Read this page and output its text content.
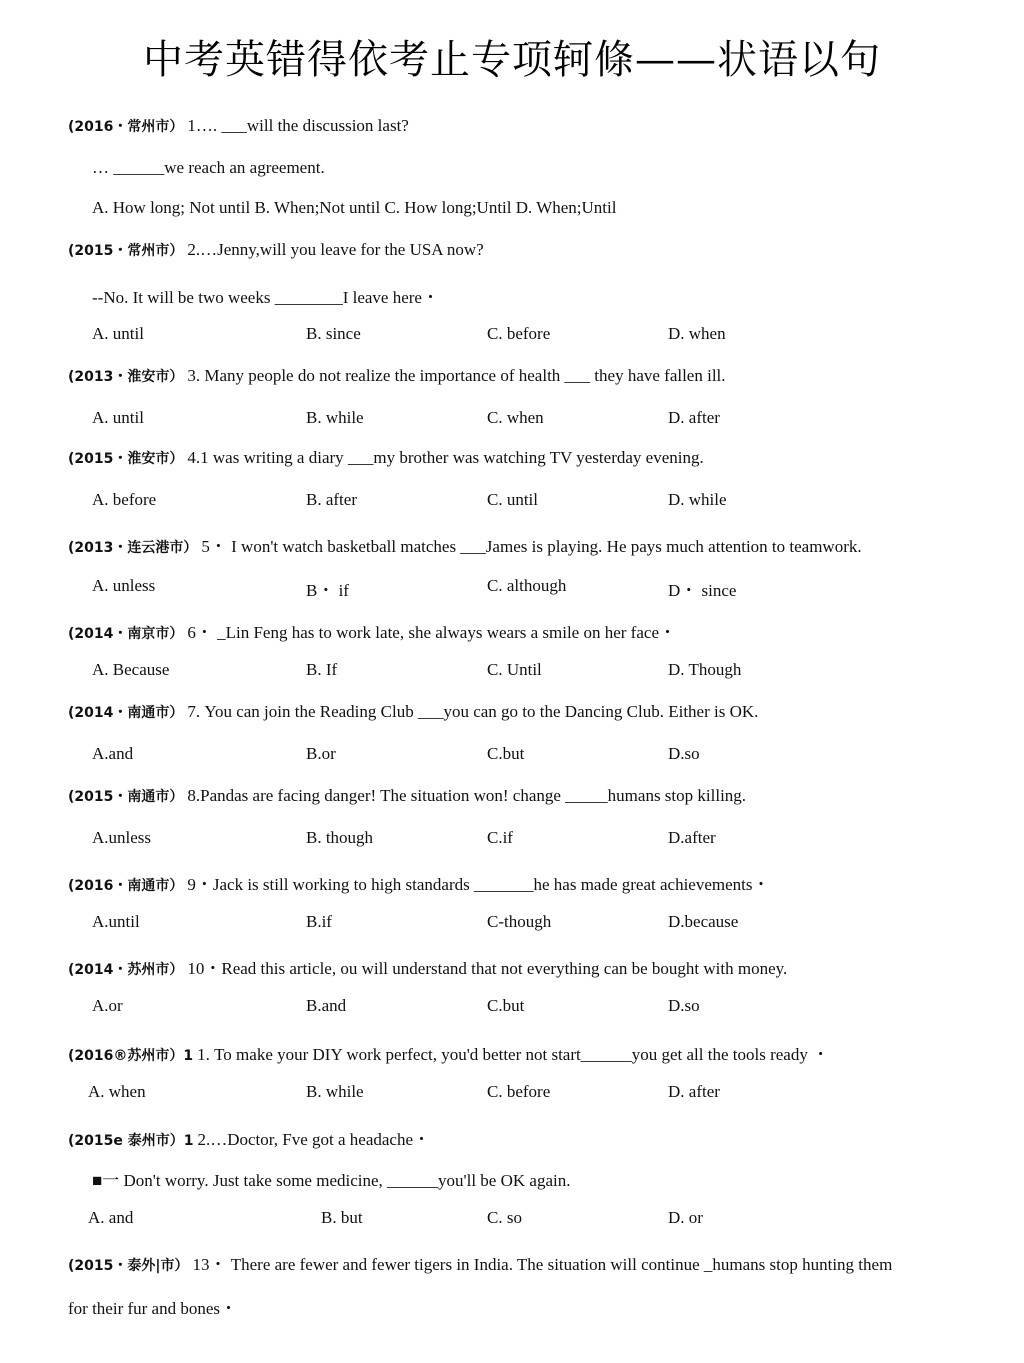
中考英错得依考止专项轲條——状语以句
(2016・常州市） 1…. ___will the discussion last?
… ______we reach an agreement.
A. How long; Not until B. When;Not until C. How long;Until D. When;Until
(2015・常州市） 2.…Jenny,will you leave for the USA now?
--No. It will be two weeks ________I leave here・
A. until	B. since	C. before	D. when
(2013・淮安市） 3. Many people do not realize the importance of health ___ they have fallen ill.
A. until	B. while	C. when	D. after
(2015・淮安市） 4.1 was writing a diary ___my brother was watching TV yesterday evening.
A. before	B. after	C. until	D. while
(2013・连云港市） 5・ I won't watch basketball matches ___James is playing. He pays much attention to teamwork.
A. unless	B・ if	C. although	D・ since
(2014・南京市） 6・ _Lin Feng has to work late, she always wears a smile on her face・
A. Because	B. If	C. Until	D. Though
(2014・南通市） 7. You can join the Reading Club ___you can go to the Dancing Club. Either is OK.
A.and	B.or	C.but	D.so
(2015・南通市） 8.Pandas are facing danger! The situation won! change _____humans stop killing.
A.unless	B. though	C.if	D.after
(2016・南通市） 9・Jack is still working to high standards _______he has made great achievements・
A.until	B.if	C-though	D.because
(2014・苏州市） 10・Read this article, ou will understand that not everything can be bought with money.
A.or	B.and	C.but	D.so
(2016®苏州市）1 1. To make your DIY work perfect, you'd better not start______you get all the tools ready ・
A. when	B. while	C. before	D. after
(2015e 泰州市）1 2.…Doctor, Fve got a headache・
■一 Don't worry. Just take some medicine, ______you'll be OK again.
A. and	B. but	C. so	D. or
(2015・泰外|市） 13・ There are fewer and fewer tigers in India. The situation will continue _humans stop hunting them
for their fur and bones・
